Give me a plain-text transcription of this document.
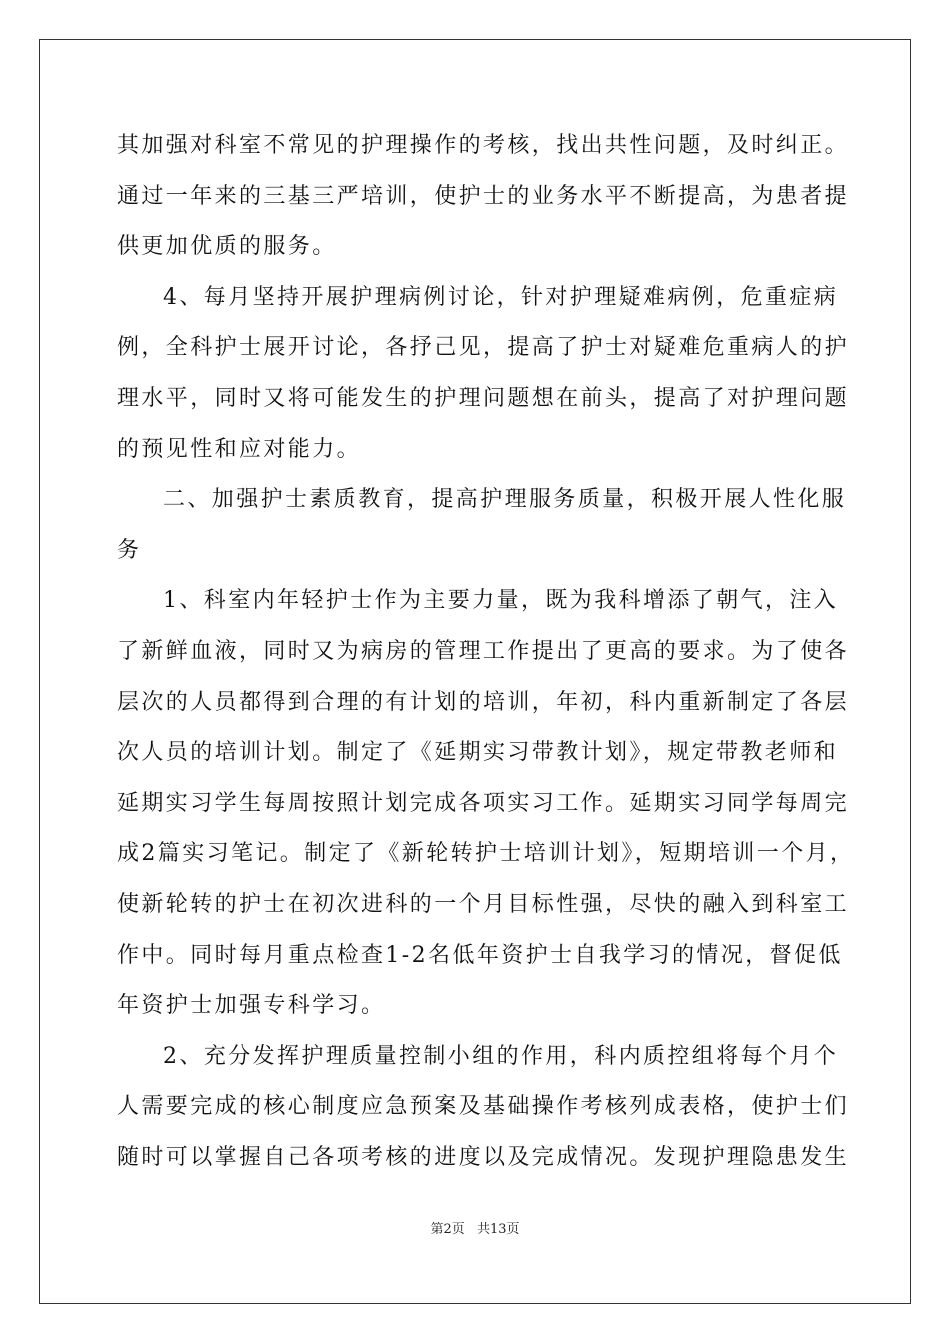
其加强对科室不常见的护理操作的考核，找出共性问题，及时纠正。
通过一年来的三基三严培训，使护士的业务水平不断提高，为患者提
供更加优质的服务。
4、每月坚持开展护理病例讨论，针对护理疑难病例，危重症病
例，全科护士展开讨论，各抒己见，提高了护士对疑难危重病人的护
理水平，同时又将可能发生的护理问题想在前头，提高了对护理问题
的预见性和应对能力。
二、加强护士素质教育，提高护理服务质量，积极开展人性化服
务
1、科室内年轻护士作为主要力量，既为我科增添了朝气，注入
了新鲜血液，同时又为病房的管理工作提出了更高的要求。为了使各
层次的人员都得到合理的有计划的培训，年初，科内重新制定了各层
次人员的培训计划。制定了《延期实习带教计划》，规定带教老师和
延期实习学生每周按照计划完成各项实习工作。延期实习同学每周完
成2篇实习笔记。制定了《新轮转护士培训计划》，短期培训一个月，
使新轮转的护士在初次进科的一个月目标性强，尽快的融入到科室工
作中。同时每月重点检查1-2名低年资护士自我学习的情况，督促低
年资护士加强专科学习。
2、充分发挥护理质量控制小组的作用，科内质控组将每个月个
人需要完成的核心制度应急预案及基础操作考核列成表格，使护士们
随时可以掌握自己各项考核的进度以及完成情况。发现护理隐患发生
第2页 共13页
